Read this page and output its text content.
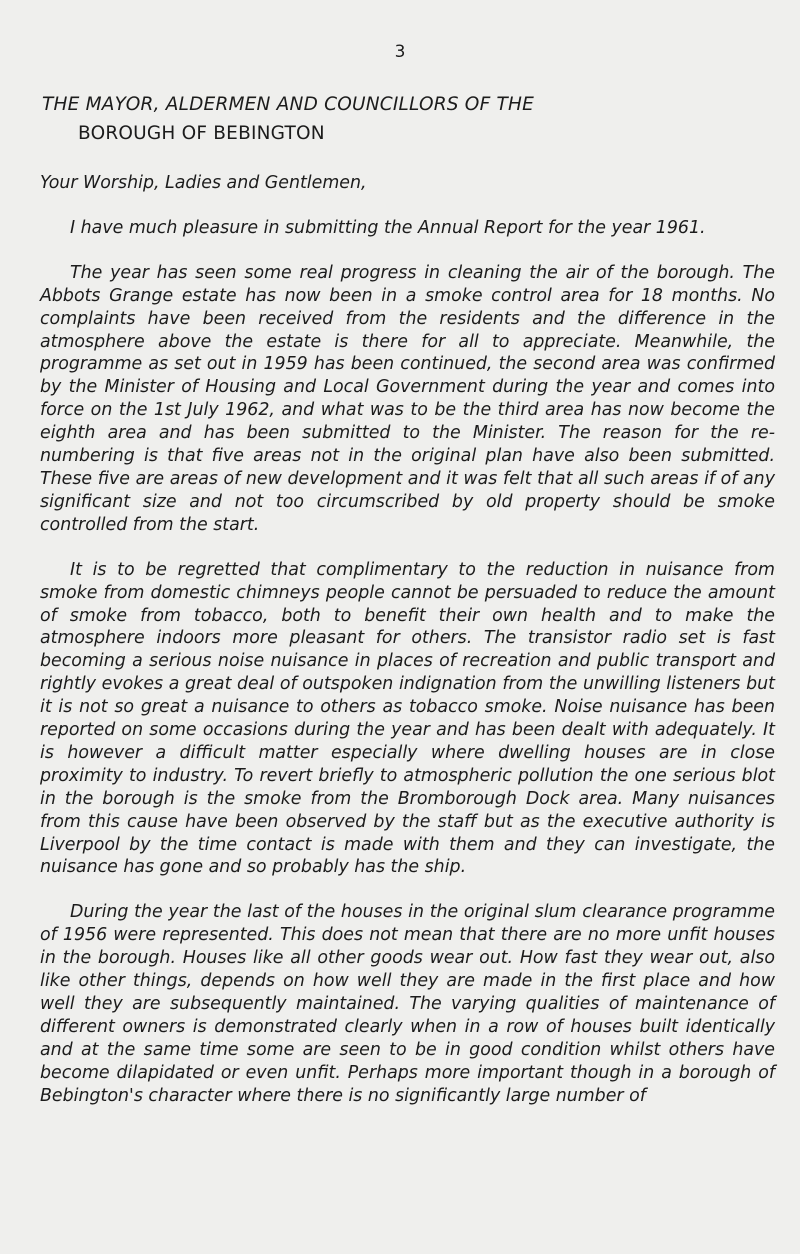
3
THE MAYOR, ALDERMEN AND COUNCILLORS OF THE
BOROUGH OF BEBINGTON

Your Worship, Ladies and Gentlemen,

I have much pleasure in submitting the Annual Report for the year 1961.

The year has seen some real progress in cleaning the air of the borough. The Abbots Grange estate has now been in a smoke control area for 18 months. No complaints have been received from the residents and the difference in the atmosphere above the estate is there for all to appreciate. Meanwhile, the programme as set out in 1959 has been continued, the second area was confirmed by the Minister of Housing and Local Government during the year and comes into force on the 1st July 1962, and what was to be the third area has now become the eighth area and has been submitted to the Minister. The reason for the re-numbering is that five areas not in the original plan have also been submitted. These five are areas of new development and it was felt that all such areas if of any significant size and not too circumscribed by old property should be smoke controlled from the start.

It is to be regretted that complimentary to the reduction in nuisance from smoke from domestic chimneys people cannot be persuaded to reduce the amount of smoke from tobacco, both to benefit their own health and to make the atmosphere indoors more pleasant for others. The transistor radio set is fast becoming a serious noise nuisance in places of recreation and public transport and rightly evokes a great deal of outspoken indignation from the unwilling listeners but it is not so great a nuisance to others as tobacco smoke. Noise nuisance has been reported on some occasions during the year and has been dealt with adequately. It is however a difficult matter especially where dwelling houses are in close proximity to industry. To revert briefly to atmospheric pollution the one serious blot in the borough is the smoke from the Bromborough Dock area. Many nuisances from this cause have been observed by the staff but as the executive authority is Liverpool by the time contact is made with them and they can investigate, the nuisance has gone and so probably has the ship.

During the year the last of the houses in the original slum clearance programme of 1956 were represented. This does not mean that there are no more unfit houses in the borough. Houses like all other goods wear out. How fast they wear out, also like other things, depends on how well they are made in the first place and how well they are subsequently maintained. The varying qualities of maintenance of different owners is demonstrated clearly when in a row of houses built identically and at the same time some are seen to be in good condition whilst others have become dilapidated or even unfit. Perhaps more important though in a borough of Bebington's character where there is no significantly large number of
